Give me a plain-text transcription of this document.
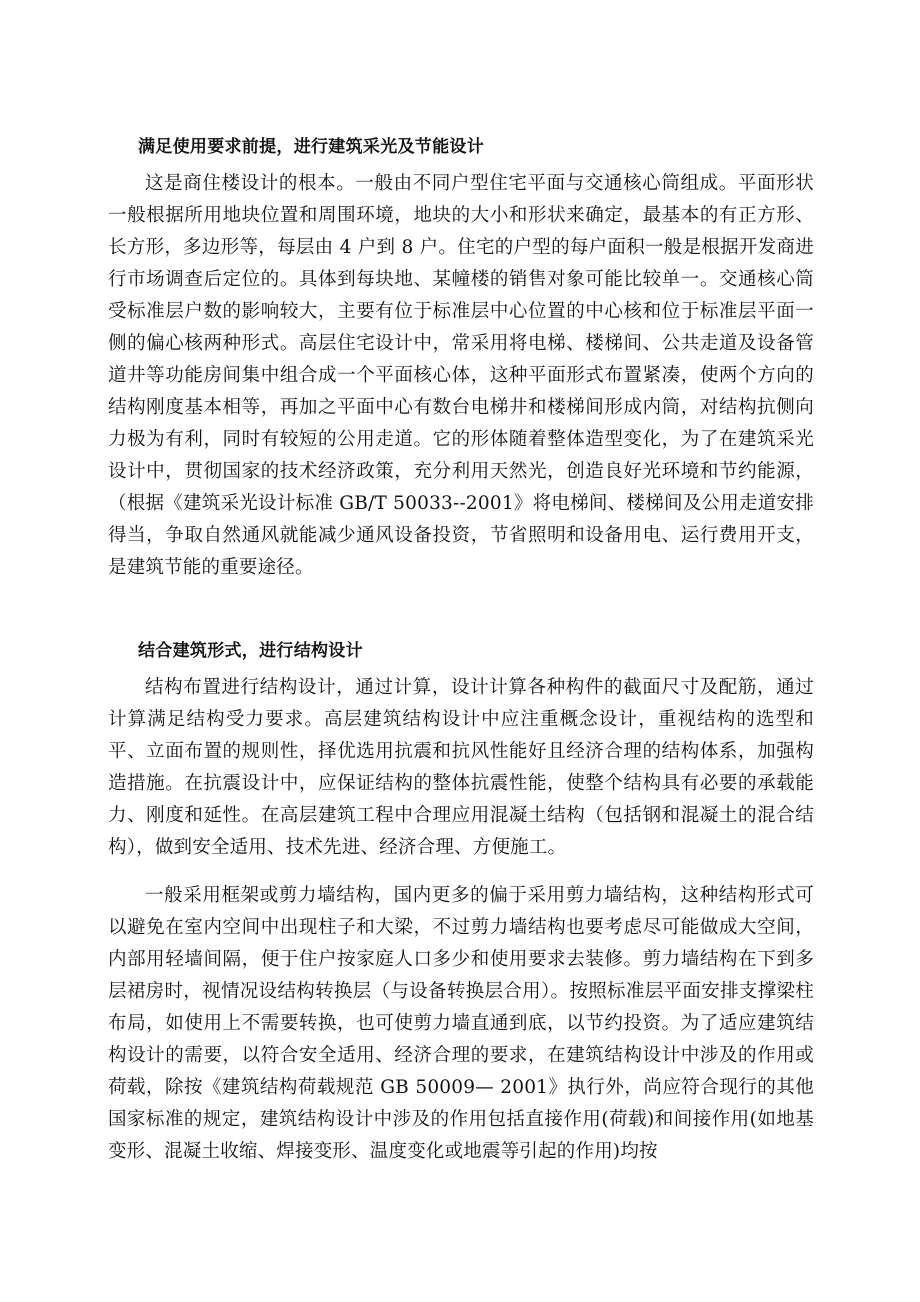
满足使用要求前提，进行建筑采光及节能设计

这是商住楼设计的根本。一般由不同户型住宅平面与交通核心筒组成。平面形状一般根据所用地块位置和周围环境，地块的大小和形状来确定，最基本的有正方形、长方形，多边形等，每层由 4 户到 8 户。住宅的户型的每户面积一般是根据开发商进行市场调查后定位的。具体到每块地、某幢楼的销售对象可能比较单一。交通核心筒受标准层户数的影响较大，主要有位于标准层中心位置的中心核和位于标准层平面一侧的偏心核两种形式。高层住宅设计中，常采用将电梯、楼梯间、公共走道及设备管道井等功能房间集中组合成一个平面核心体，这种平面形式布置紧凑，使两个方向的结构刚度基本相等，再加之平面中心有数台电梯井和楼梯间形成内筒，对结构抗侧向力极为有利，同时有较短的公用走道。它的形体随着整体造型变化，为了在建筑采光设计中，贯彻国家的技术经济政策，充分利用天然光，创造良好光环境和节约能源，（根据《建筑采光设计标准 GB/T 50033--2001》将电梯间、楼梯间及公用走道安排得当，争取自然通风就能减少通风设备投资，节省照明和设备用电、运行费用开支，是建筑节能的重要途径。

结合建筑形式，进行结构设计

结构布置进行结构设计，通过计算，设计计算各种构件的截面尺寸及配筋，通过计算满足结构受力要求。高层建筑结构设计中应注重概念设计，重视结构的选型和平、立面布置的规则性，择优选用抗震和抗风性能好且经济合理的结构体系，加强构造措施。在抗震设计中，应保证结构的整体抗震性能，使整个结构具有必要的承载能力、刚度和延性。在高层建筑工程中合理应用混凝土结构（包括钢和混凝土的混合结构），做到安全适用、技术先进、经济合理、方便施工。

一般采用框架或剪力墙结构，国内更多的偏于采用剪力墙结构，这种结构形式可以避免在室内空间中出现柱子和大梁，不过剪力墙结构也要考虑尽可能做成大空间，内部用轻墙间隔，便于住户按家庭人口多少和使用要求去装修。剪力墙结构在下到多层裙房时，视情况设结构转换层（与设备转换层合用）。按照标准层平面安排支撑梁柱布局，如使用上不需要转换，也可使剪力墙直通到底，以节约投资。为了适应建筑结构设计的需要，以符合安全适用、经济合理的要求，在建筑结构设计中涉及的作用或荷载，除按《建筑结构荷载规范 GB 50009— 2001》执行外，尚应符合现行的其他国家标准的规定，建筑结构设计中涉及的作用包括直接作用(荷载)和间接作用(如地基变形、混凝土收缩、焊接变形、温度变化或地震等引起的作用)均按
